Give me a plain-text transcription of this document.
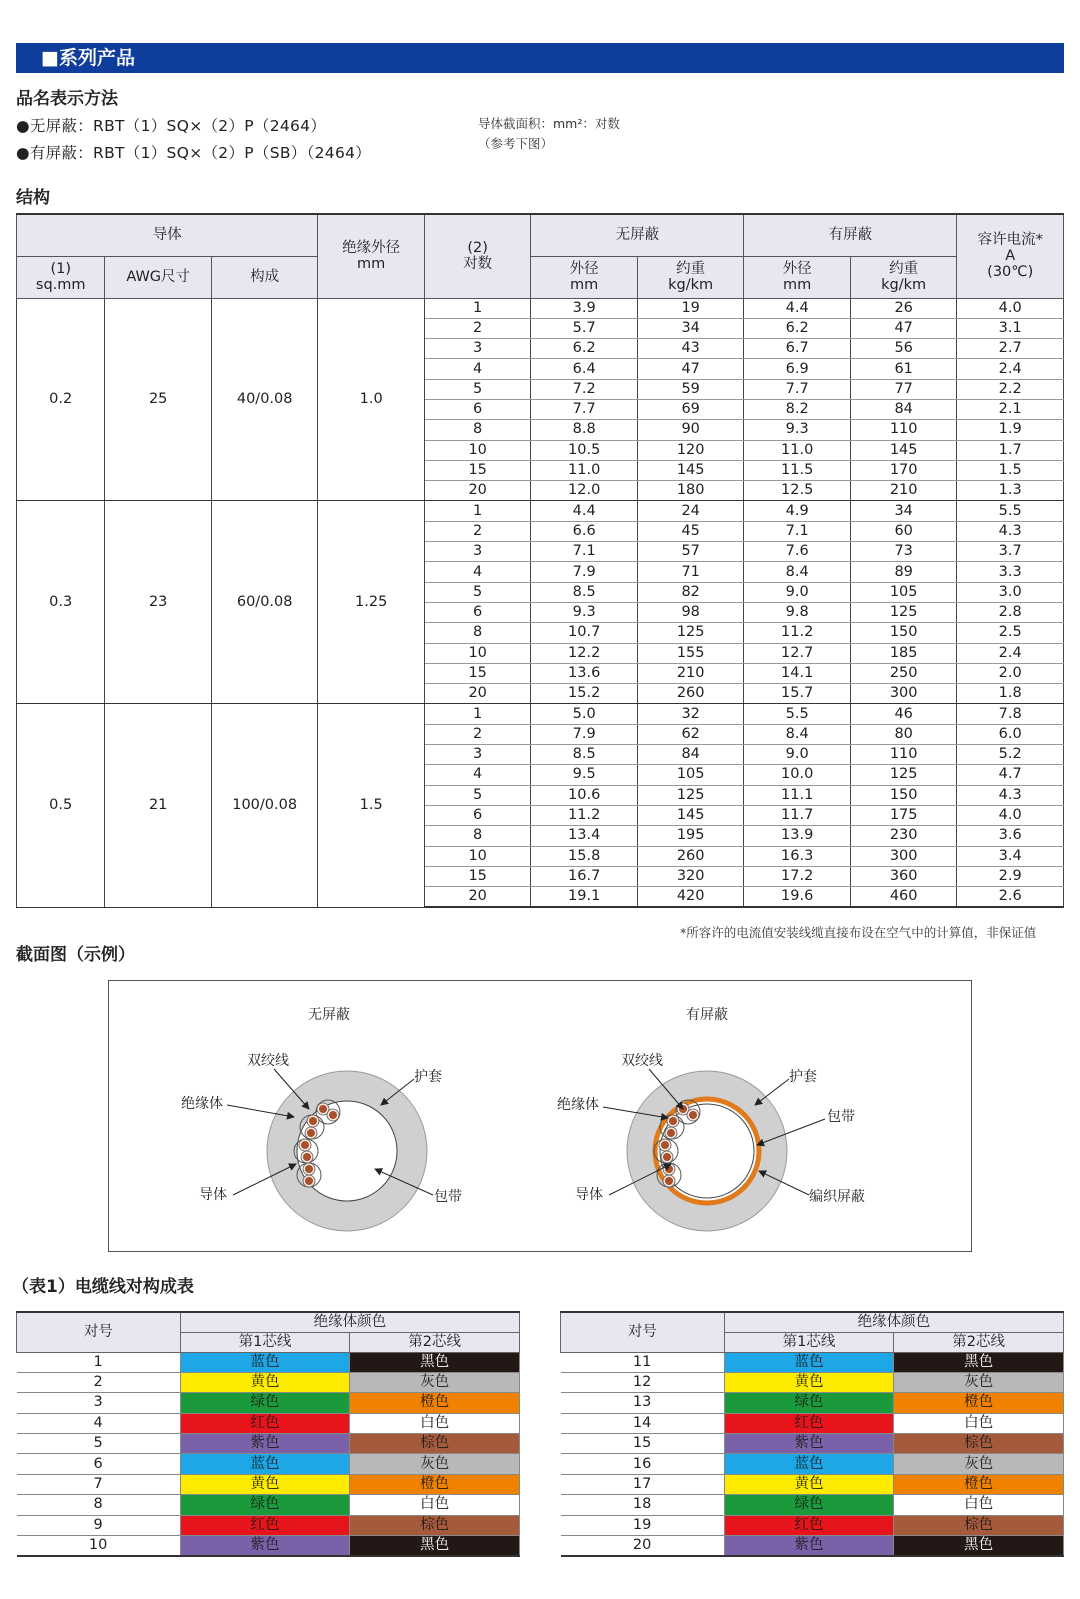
■系列产品
品名表示方法
●无屏蔽：RBT（1）SQ×（2）P（2464）
●有屏蔽：RBT（1）SQ×（2）P（SB）（2464）
导体截面积：mm²：对数
（参考下图）
结构
导体			绝缘外径
mm	(2)
对数	无屏蔽		有屏蔽		容许电流*
A
(30℃)
(1)
sq.mm	AWG尺寸	构成			外径
mm	约重
kg/km	外径
mm	约重
kg/km	
0.2	25	40/0.08	1.0	1	3.9	19	4.4	26	4.0
				2	5.7	34	6.2	47	3.1
				3	6.2	43	6.7	56	2.7
				4	6.4	47	6.9	61	2.4
				5	7.2	59	7.7	77	2.2
				6	7.7	69	8.2	84	2.1
				8	8.8	90	9.3	110	1.9
				10	10.5	120	11.0	145	1.7
				15	11.0	145	11.5	170	1.5
				20	12.0	180	12.5	210	1.3
0.3	23	60/0.08	1.25	1	4.4	24	4.9	34	5.5
				2	6.6	45	7.1	60	4.3
				3	7.1	57	7.6	73	3.7
				4	7.9	71	8.4	89	3.3
				5	8.5	82	9.0	105	3.0
				6	9.3	98	9.8	125	2.8
				8	10.7	125	11.2	150	2.5
				10	12.2	155	12.7	185	2.4
				15	13.6	210	14.1	250	2.0
				20	15.2	260	15.7	300	1.8
0.5	21	100/0.08	1.5	1	5.0	32	5.5	46	7.8
				2	7.9	62	8.4	80	6.0
				3	8.5	84	9.0	110	5.2
				4	9.5	105	10.0	125	4.7
				5	10.6	125	11.1	150	4.3
				6	11.2	145	11.7	175	4.0
				8	13.4	195	13.9	230	3.6
				10	15.8	260	16.3	300	3.4
				15	16.7	320	17.2	360	2.9
				20	19.1	420	19.6	460	2.6
截面图（示例）
*所容许的电流值安装线缆直接布设在空气中的计算值，非保证值
无屏蔽
双绞线
护套
绝缘体
导体	包带
有屏蔽
双绞线
护套
绝缘体
包带
导体	编织屏蔽
（表1）电缆线对构成表
对号	绝缘体颜色	
	第1芯线	第2芯线
1	蓝色	黑色
2	黄色	灰色
3	绿色	橙色
4	红色	白色
5	紫色	棕色
6	蓝色	灰色
7	黄色	橙色
8	绿色	白色
9	红色	棕色
10	紫色	黑色
对号	绝缘体颜色	
	第1芯线	第2芯线
11	蓝色	黑色
12	黄色	灰色
13	绿色	橙色
14	红色	白色
15	紫色	棕色
16	蓝色	灰色
17	黄色	橙色
18	绿色	白色
19	红色	棕色
20	紫色	黑色
